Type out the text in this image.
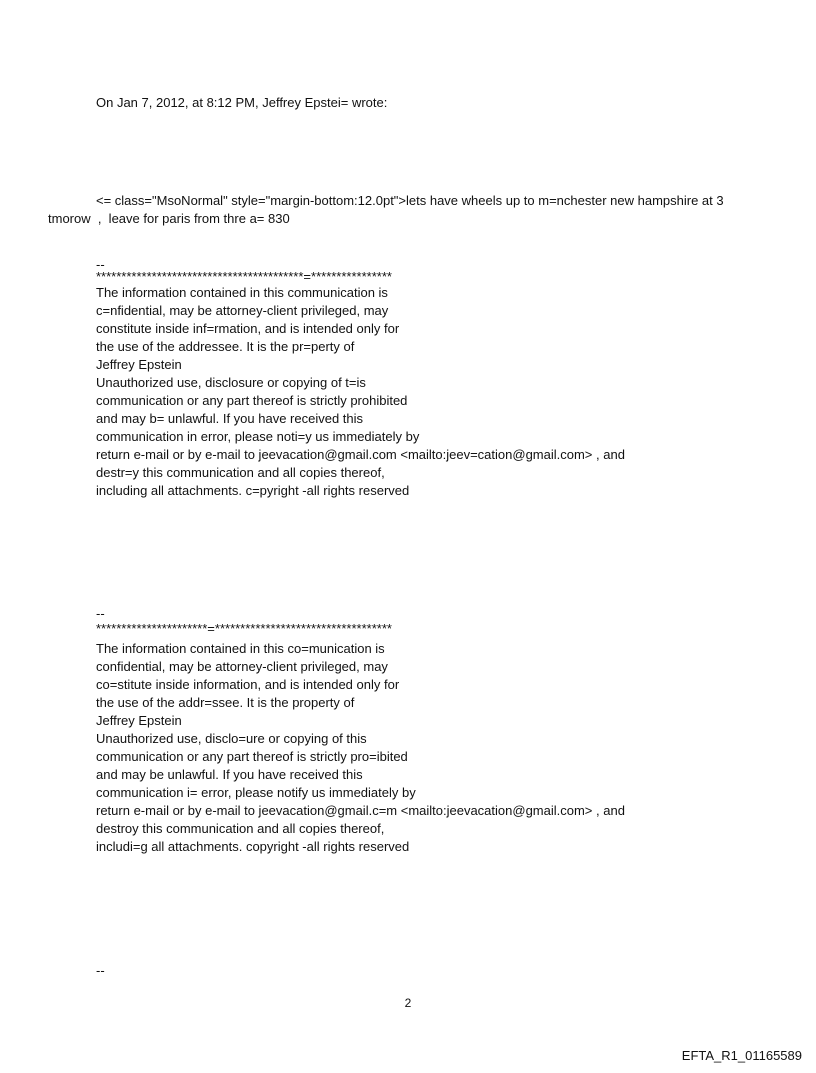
On Jan 7, 2012, at 8:12 PM, Jeffrey Epstei= wrote:
<= class="MsoNormal" style="margin-bottom:12.0pt">lets have wheels up to m=nchester new hampshire at 3
tmorow  ,  leave for paris from thre a= 830
--
*****************************************=****************
The information contained in this communication is
c=nfidential, may be attorney-client privileged, may
constitute inside inf=rmation, and is intended only for
the use of the addressee. It is the pr=perty of
Jeffrey Epstein
Unauthorized use, disclosure or copying of t=is
communication or any part thereof is strictly prohibited
and may b= unlawful. If you have received this
communication in error, please noti=y us immediately by
return e-mail or by e-mail to jeevacation@gmail.com <mailto:jeev=cation@gmail.com> , and
destr=y this communication and all copies thereof,
including all attachments. c=pyright -all rights reserved
--
**********************=***********************************
The information contained in this co=munication is
confidential, may be attorney-client privileged, may
co=stitute inside information, and is intended only for
the use of the addr=ssee. It is the property of
Jeffrey Epstein
Unauthorized use, disclo=ure or copying of this
communication or any part thereof is strictly pro=ibited
and may be unlawful. If you have received this
communication i= error, please notify us immediately by
return e-mail or by e-mail to jeevacation@gmail.c=m <mailto:jeevacation@gmail.com> , and
destroy this communication and all copies thereof,
includi=g all attachments. copyright -all rights reserved
--
2
EFTA_R1_01165589
